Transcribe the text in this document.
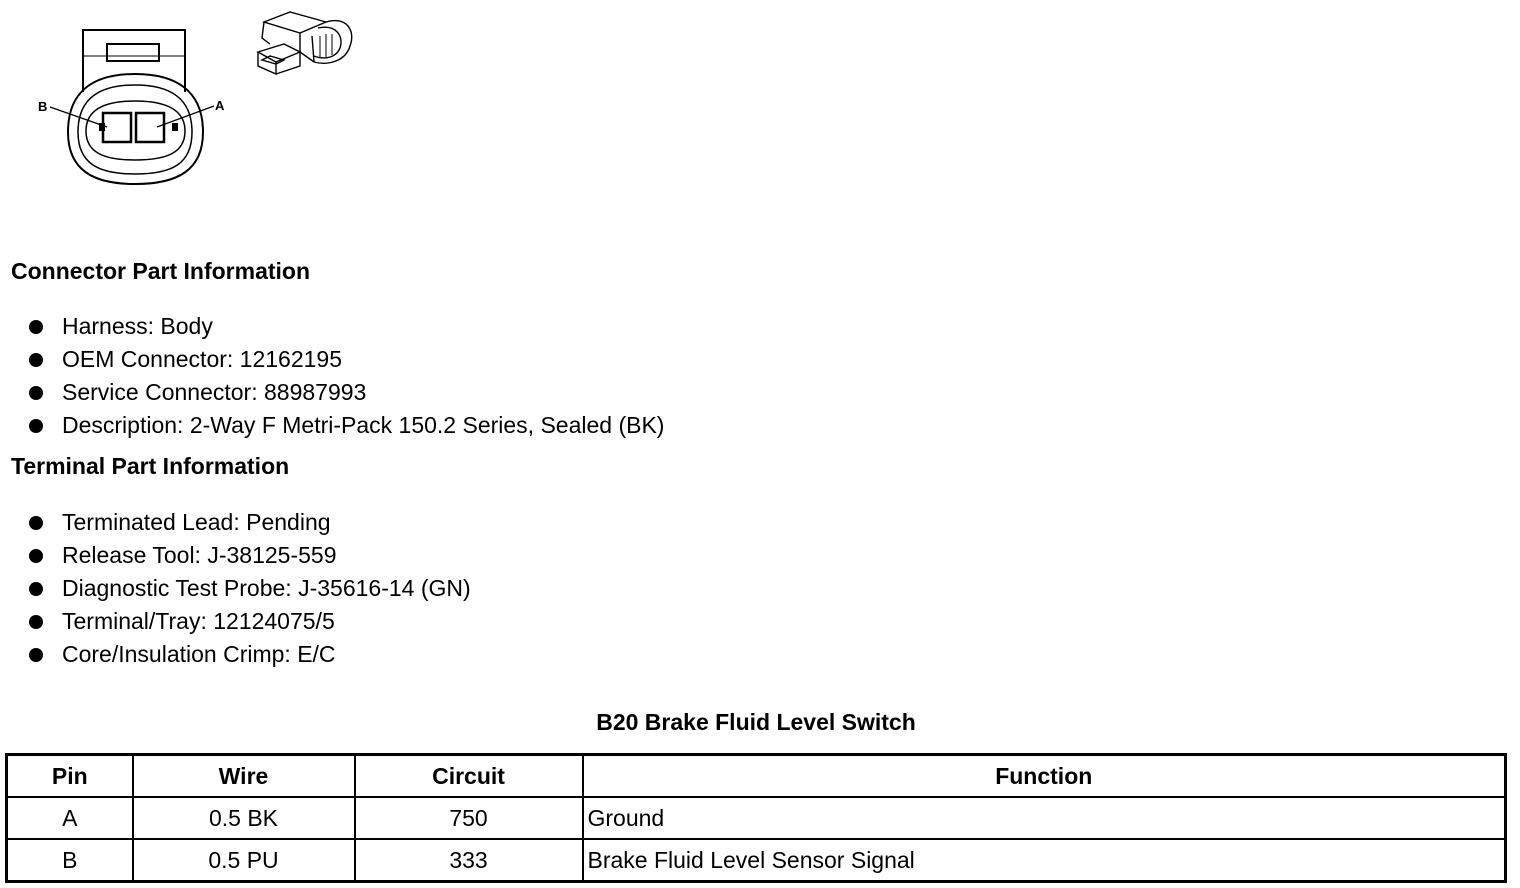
B	A
Connector Part Information
Harness: Body
OEM Connector: 12162195
Service Connector: 88987993
Description: 2-Way F Metri-Pack 150.2 Series, Sealed (BK)
Terminal Part Information
Terminated Lead: Pending
Release Tool: J-38125-559
Diagnostic Test Probe: J-35616-14 (GN)
Terminal/Tray: 12124075/5
Core/Insulation Crimp: E/C
B20 Brake Fluid Level Switch
Pin	Wire	Circuit	Function
A	0.5 BK	750	Ground
B	0.5 PU	333	Brake Fluid Level Sensor Signal
